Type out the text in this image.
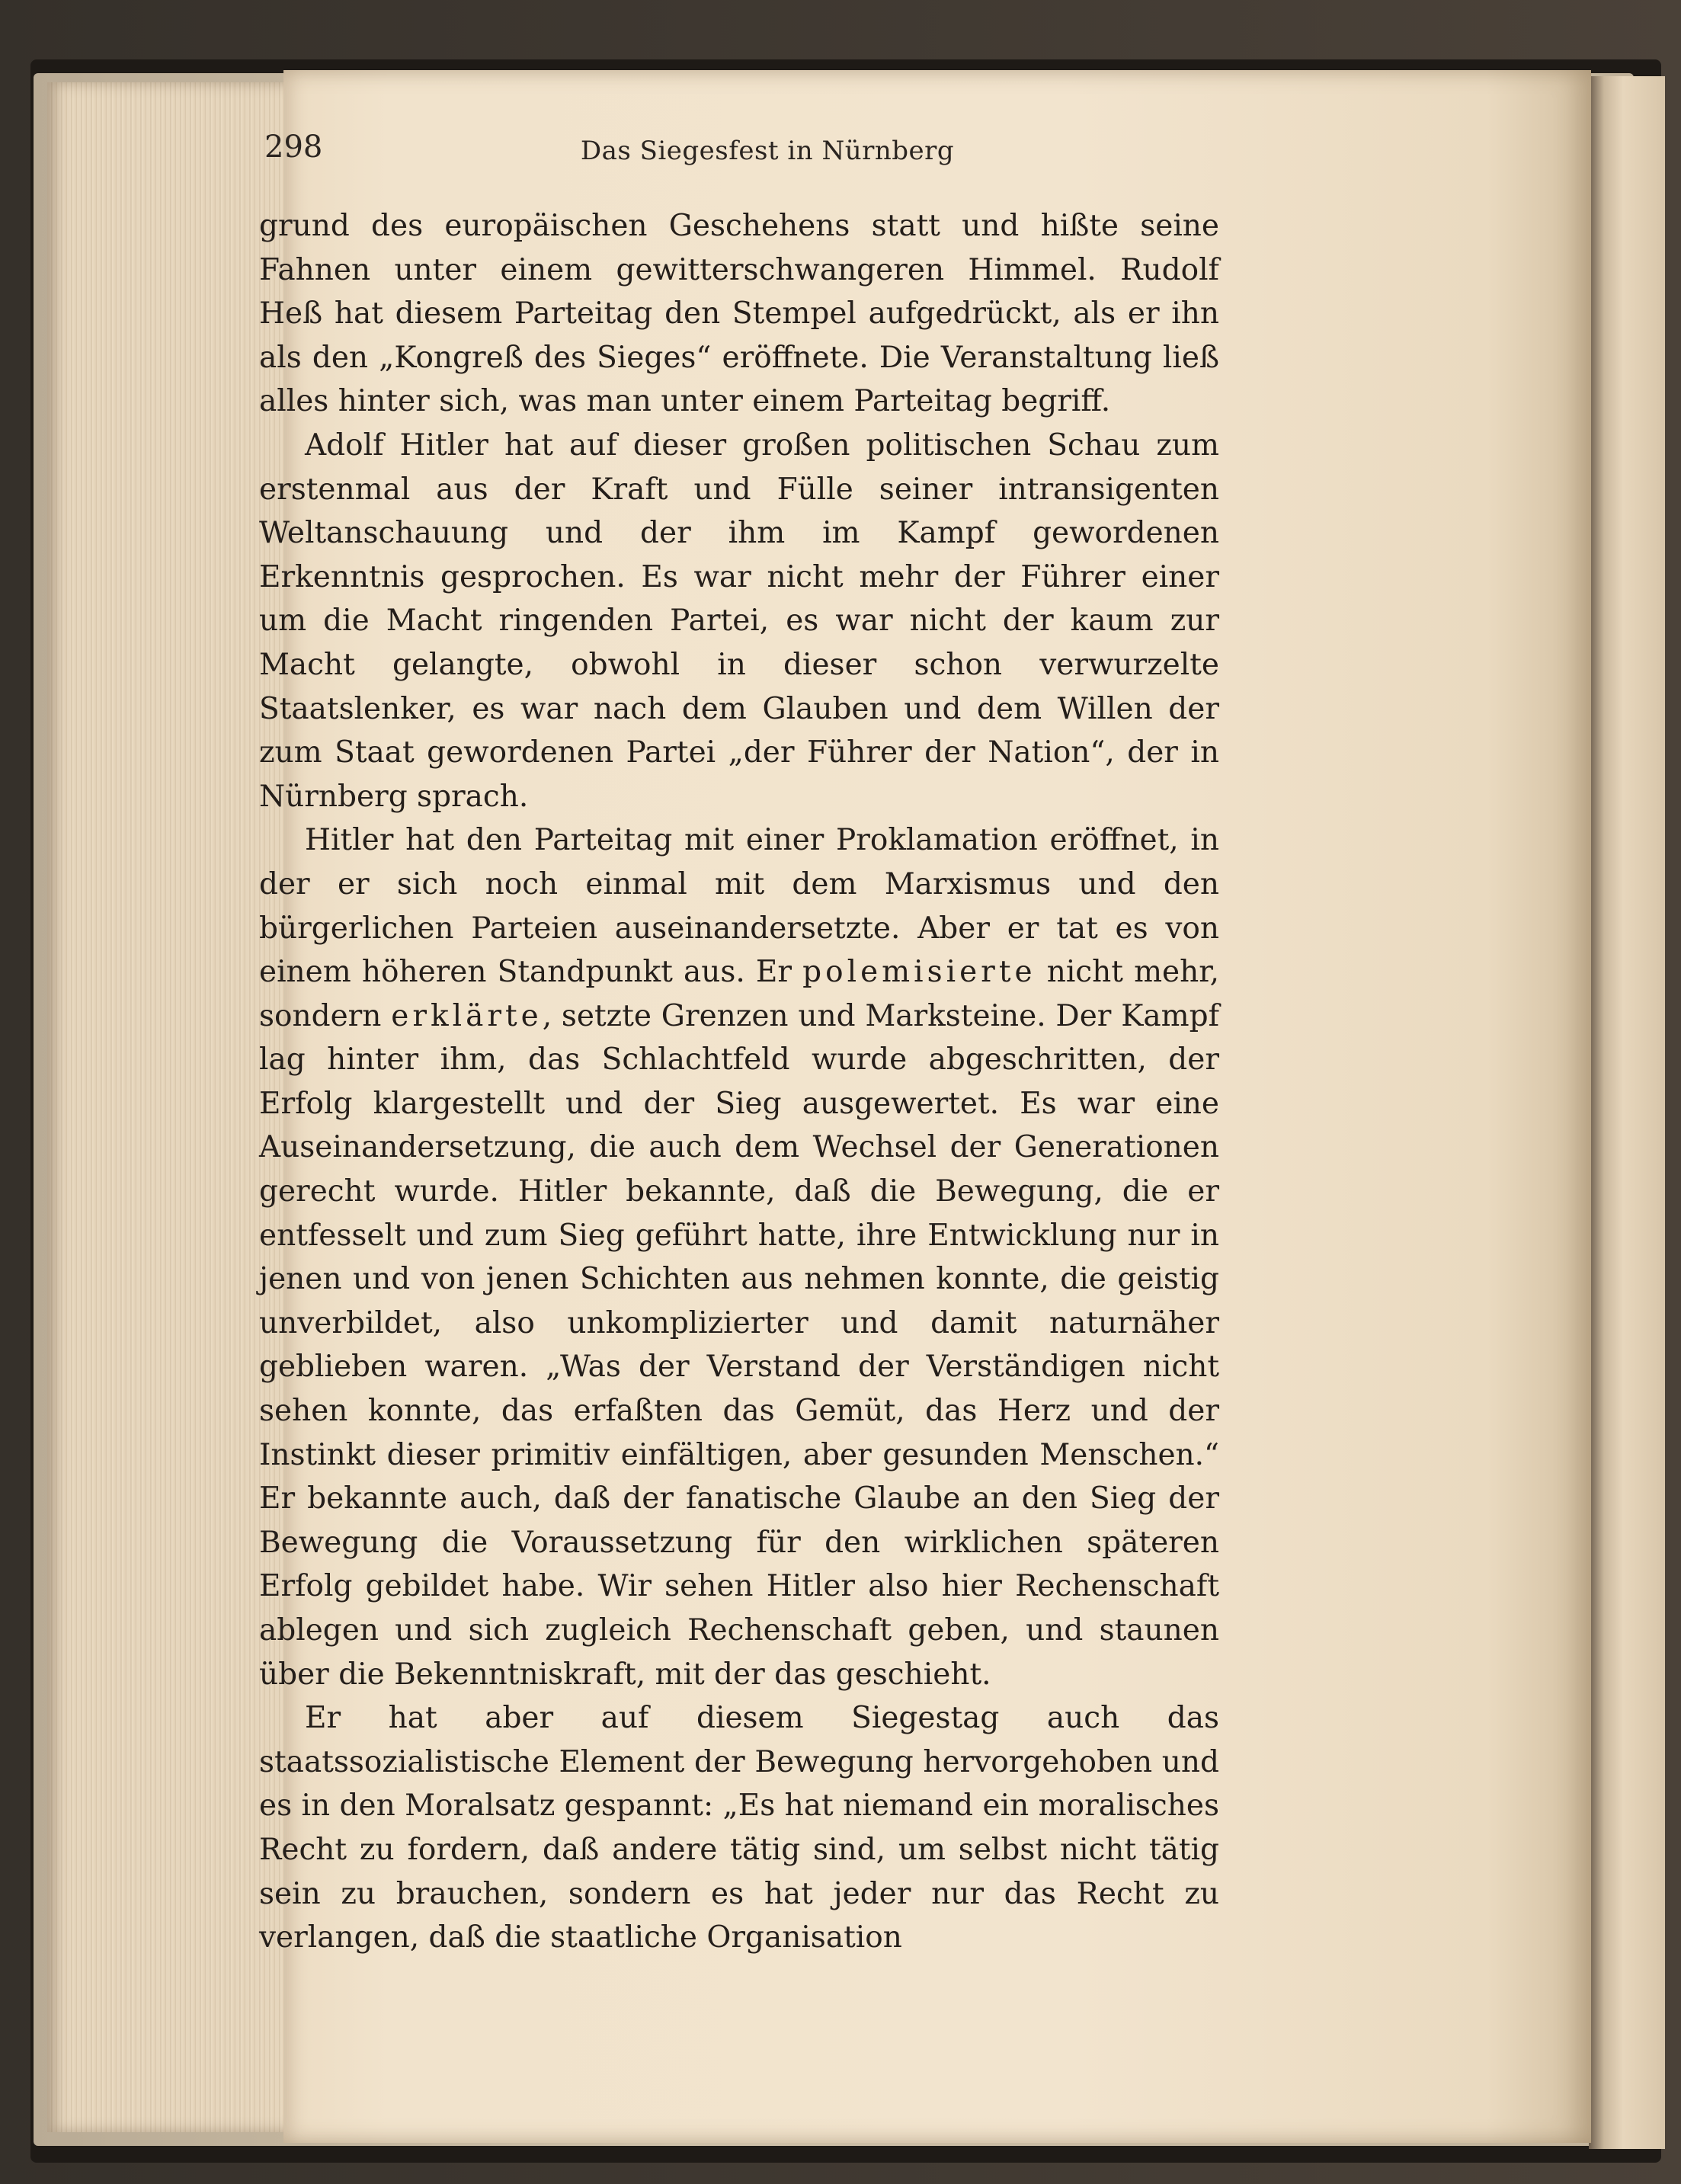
298	Das Siegesfest in Nürnberg

grund des europäischen Geschehens statt und hißte seine Fahnen unter einem gewitterschwangeren Himmel. Rudolf Heß hat diesem Parteitag den Stempel aufgedrückt, als er ihn als den „Kongreß des Sieges“ eröffnete. Die Veranstaltung ließ alles hinter sich, was man unter einem Parteitag begriff.

Adolf Hitler hat auf dieser großen politischen Schau zum erstenmal aus der Kraft und Fülle seiner intransigenten Weltanschauung und der ihm im Kampf gewordenen Erkenntnis gesprochen. Es war nicht mehr der Führer einer um die Macht ringenden Partei, es war nicht der kaum zur Macht gelangte, obwohl in dieser schon verwurzelte Staatslenker, es war nach dem Glauben und dem Willen der zum Staat gewordenen Partei „der Führer der Nation“, der in Nürnberg sprach.

Hitler hat den Parteitag mit einer Proklamation eröffnet, in der er sich noch einmal mit dem Marxismus und den bürgerlichen Parteien auseinandersetzte. Aber er tat es von einem höheren Standpunkt aus. Er polemisierte nicht mehr, sondern erklärte, setzte Grenzen und Marksteine. Der Kampf lag hinter ihm, das Schlachtfeld wurde abgeschritten, der Erfolg klargestellt und der Sieg ausgewertet. Es war eine Auseinandersetzung, die auch dem Wechsel der Generationen gerecht wurde. Hitler bekannte, daß die Bewegung, die er entfesselt und zum Sieg geführt hatte, ihre Entwicklung nur in jenen und von jenen Schichten aus nehmen konnte, die geistig unverbildet, also unkomplizierter und damit naturnäher geblieben waren. „Was der Verstand der Verständigen nicht sehen konnte, das erfaßten das Gemüt, das Herz und der Instinkt dieser primitiv einfältigen, aber gesunden Menschen.“ Er bekannte auch, daß der fanatische Glaube an den Sieg der Bewegung die Voraussetzung für den wirklichen späteren Erfolg gebildet habe. Wir sehen Hitler also hier Rechenschaft ablegen und sich zugleich Rechenschaft geben, und staunen über die Bekenntniskraft, mit der das geschieht.

Er hat aber auf diesem Siegestag auch das staatssozialistische Element der Bewegung hervorgehoben und es in den Moralsatz gespannt: „Es hat niemand ein moralisches Recht zu fordern, daß andere tätig sind, um selbst nicht tätig sein zu brauchen, sondern es hat jeder nur das Recht zu verlangen, daß die staatliche Organisation
